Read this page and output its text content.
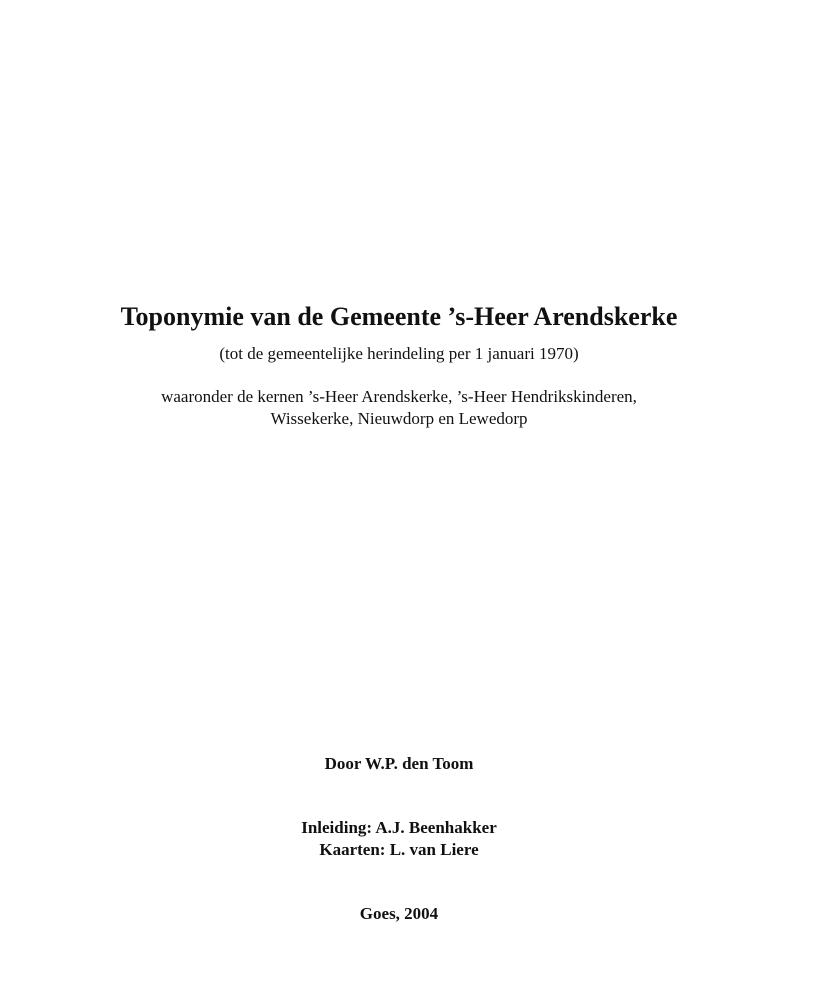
Toponymie van de Gemeente ’s-Heer Arendskerke
(tot de gemeentelijke herindeling per 1 januari 1970)
waaronder de kernen ’s-Heer Arendskerke, ’s-Heer Hendrikskinderen,
Wissekerke, Nieuwdorp en Lewedorp
Door W.P. den Toom
Inleiding: A.J. Beenhakker
Kaarten: L. van Liere
Goes, 2004
